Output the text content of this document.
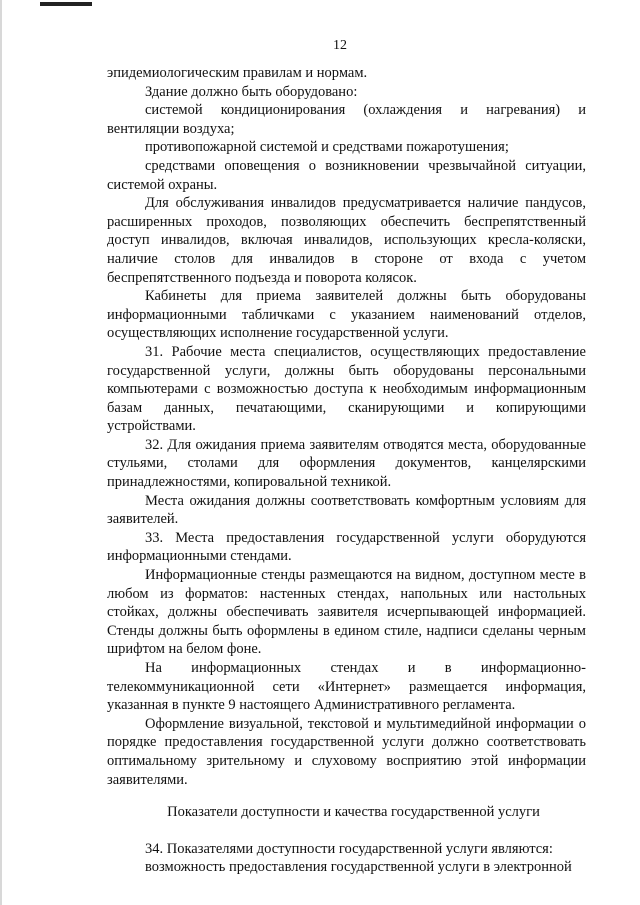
12

эпидемиологическим правилам и нормам.

Здание должно быть оборудовано:

системой кондиционирования (охлаждения и нагревания) и вентиляции воздуха;

противопожарной системой и средствами пожаротушения;

средствами оповещения о возникновении чрезвычайной ситуации, системой охраны.

Для обслуживания инвалидов предусматривается наличие пандусов, расширенных проходов, позволяющих обеспечить беспрепятственный доступ инвалидов, включая инвалидов, использующих кресла-коляски, наличие столов для инвалидов в стороне от входа с учетом беспрепятственного подъезда и поворота колясок.

Кабинеты для приема заявителей должны быть оборудованы информационными табличками с указанием наименований отделов, осуществляющих исполнение государственной услуги.

31. Рабочие места специалистов, осуществляющих предоставление государственной услуги, должны быть оборудованы персональными компьютерами с возможностью доступа к необходимым информационным базам данных, печатающими, сканирующими и копирующими устройствами.

32. Для ожидания приема заявителям отводятся места, оборудованные стульями, столами для оформления документов, канцелярскими принадлежностями, копировальной техникой.

Места ожидания должны соответствовать комфортным условиям для заявителей.

33. Места предоставления государственной услуги оборудуются информационными стендами.

Информационные стенды размещаются на видном, доступном месте в любом из форматов: настенных стендах, напольных или настольных стойках, должны обеспечивать заявителя исчерпывающей информацией. Стенды должны быть оформлены в едином стиле, надписи сделаны черным шрифтом на белом фоне.

На информационных стендах и в информационно-телекоммуникационной сети «Интернет» размещается информация, указанная в пункте 9 настоящего Административного регламента.

Оформление визуальной, текстовой и мультимедийной информации о порядке предоставления государственной услуги должно соответствовать оптимальному зрительному и слуховому восприятию этой информации заявителями.

Показатели доступности и качества государственной услуги

34. Показателями доступности государственной услуги являются:

возможность предоставления государственной услуги в электронной
